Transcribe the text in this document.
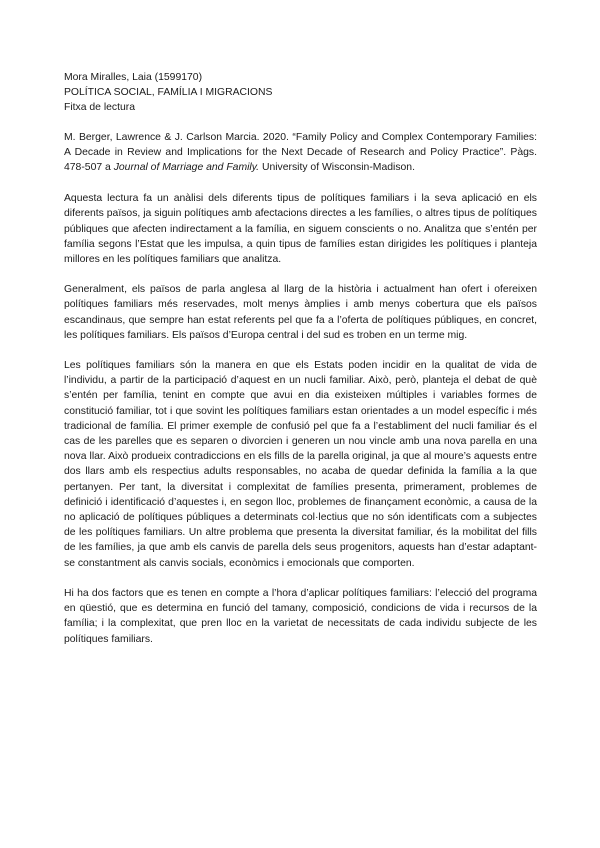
Mora Miralles, Laia (1599170)
POLÍTICA SOCIAL, FAMÍLIA I MIGRACIONS
Fitxa de lectura
M. Berger, Lawrence & J. Carlson Marcia. 2020. “Family Policy and Complex Contemporary Families: A Decade in Review and Implications for the Next Decade of Research and Policy Practice”. Pàgs. 478-507 a Journal of Marriage and Family. University of Wisconsin-Madison.

Aquesta lectura fa un anàlisi dels diferents tipus de polítiques familiars i la seva aplicació en els diferents països, ja siguin polítiques amb afectacions directes a les famílies, o altres tipus de polítiques públiques que afecten indirectament a la família, en siguem conscients o no. Analitza que s’entén per família segons l’Estat que les impulsa, a quin tipus de famílies estan dirigides les polítiques i planteja millores en les polítiques familiars que analitza.

Generalment, els països de parla anglesa al llarg de la història i actualment han ofert i ofereixen polítiques familiars més reservades, molt menys àmplies i amb menys cobertura que els països escandinaus, que sempre han estat referents pel que fa a l’oferta de polítiques públiques, en concret, les polítiques familiars. Els països d’Europa central i del sud es troben en un terme mig.

Les polítiques familiars són la manera en que els Estats poden incidir en la qualitat de vida de l’individu, a partir de la participació d’aquest en un nucli familiar. Això, però, planteja el debat de què s’entén per família, tenint en compte que avui en dia existeixen múltiples i variables formes de constitució familiar, tot i que sovint les polítiques familiars estan orientades a un model específic i més tradicional de família. El primer exemple de confusió pel que fa a l’establiment del nucli familiar és el cas de les parelles que es separen o divorcien i generen un nou vincle amb una nova parella en una nova llar. Això produeix contradiccions en els fills de la parella original, ja que al moure’s aquests entre dos llars amb els respectius adults responsables, no acaba de quedar definida la família a la que pertanyen. Per tant, la diversitat i complexitat de famílies presenta, primerament, problemes de definició i identificació d’aquestes i, en segon lloc, problemes de finançament econòmic, a causa de la no aplicació de polítiques públiques a determinats col·lectius que no són identificats com a subjectes de les polítiques familiars. Un altre problema que presenta la diversitat familiar, és la mobilitat del fills de les famílies, ja que amb els canvis de parella dels seus progenitors, aquests han d’estar adaptant-se constantment als canvis socials, econòmics i emocionals que comporten.

Hi ha dos factors que es tenen en compte a l’hora d’aplicar polítiques familiars: l’elecció del programa en qüestió, que es determina en funció del tamany, composició, condicions de vida i recursos de la família; i la complexitat, que pren lloc en la varietat de necessitats de cada individu subjecte de les polítiques familiars.
